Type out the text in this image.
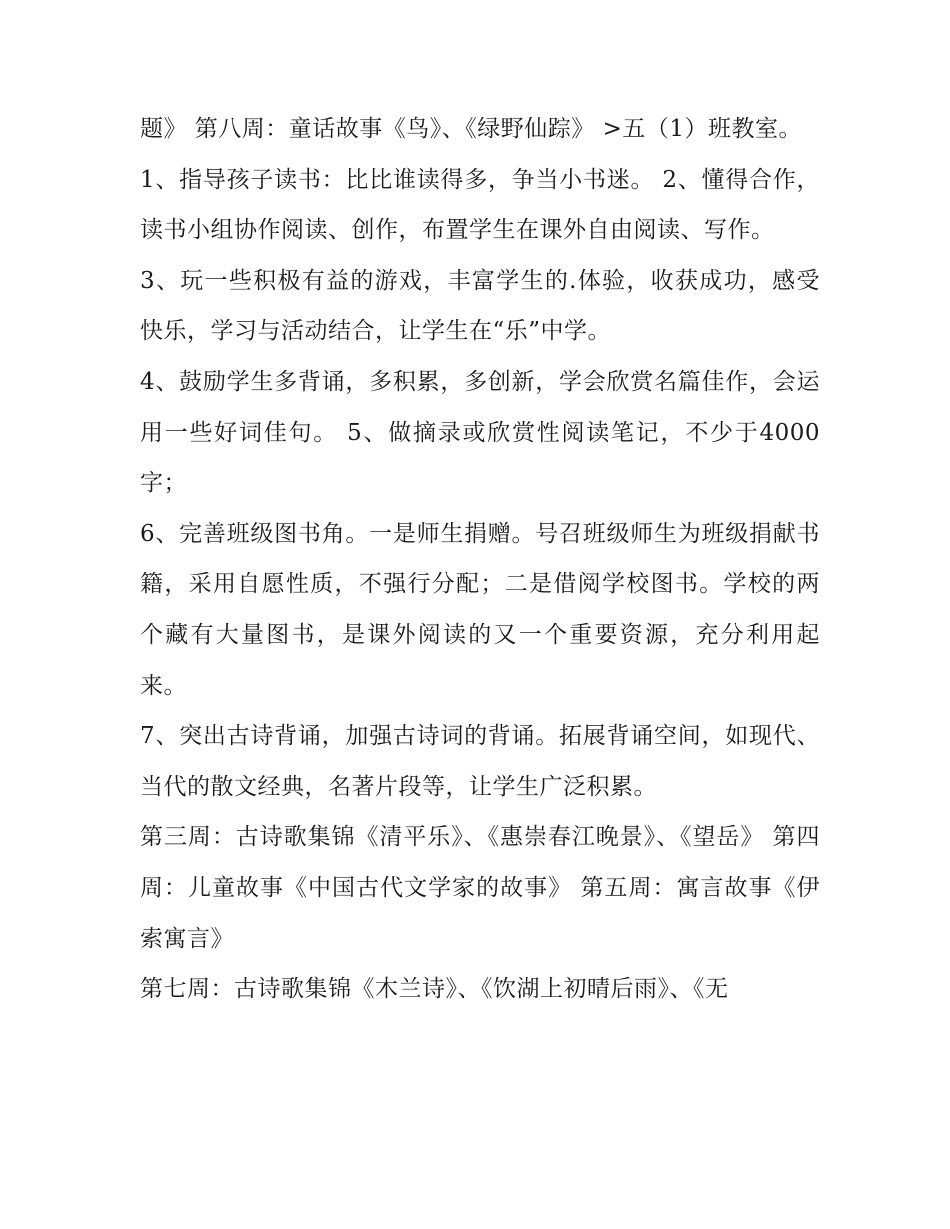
题》 第八周：童话故事《鸟》、《绿野仙踪》 >五（1）班教室。

1、指导孩子读书：比比谁读得多，争当小书迷。 2、懂得合作，读书小组协作阅读、创作，布置学生在课外自由阅读、写作。

3、玩一些积极有益的游戏，丰富学生的.体验，收获成功，感受快乐，学习与活动结合，让学生在“乐”中学。

4、鼓励学生多背诵，多积累，多创新，学会欣赏名篇佳作，会运用一些好词佳句。 5、做摘录或欣赏性阅读笔记，不少于4000字；

6、完善班级图书角。一是师生捐赠。号召班级师生为班级捐献书籍，采用自愿性质，不强行分配；二是借阅学校图书。学校的两个藏有大量图书，是课外阅读的又一个重要资源，充分利用起来。

7、突出古诗背诵，加强古诗词的背诵。拓展背诵空间，如现代、当代的散文经典，名著片段等，让学生广泛积累。

第三周：古诗歌集锦《清平乐》、《惠崇春江晚景》、《望岳》 第四周：儿童故事《中国古代文学家的故事》 第五周：寓言故事《伊索寓言》

第七周：古诗歌集锦《木兰诗》、《饮湖上初晴后雨》、《无
